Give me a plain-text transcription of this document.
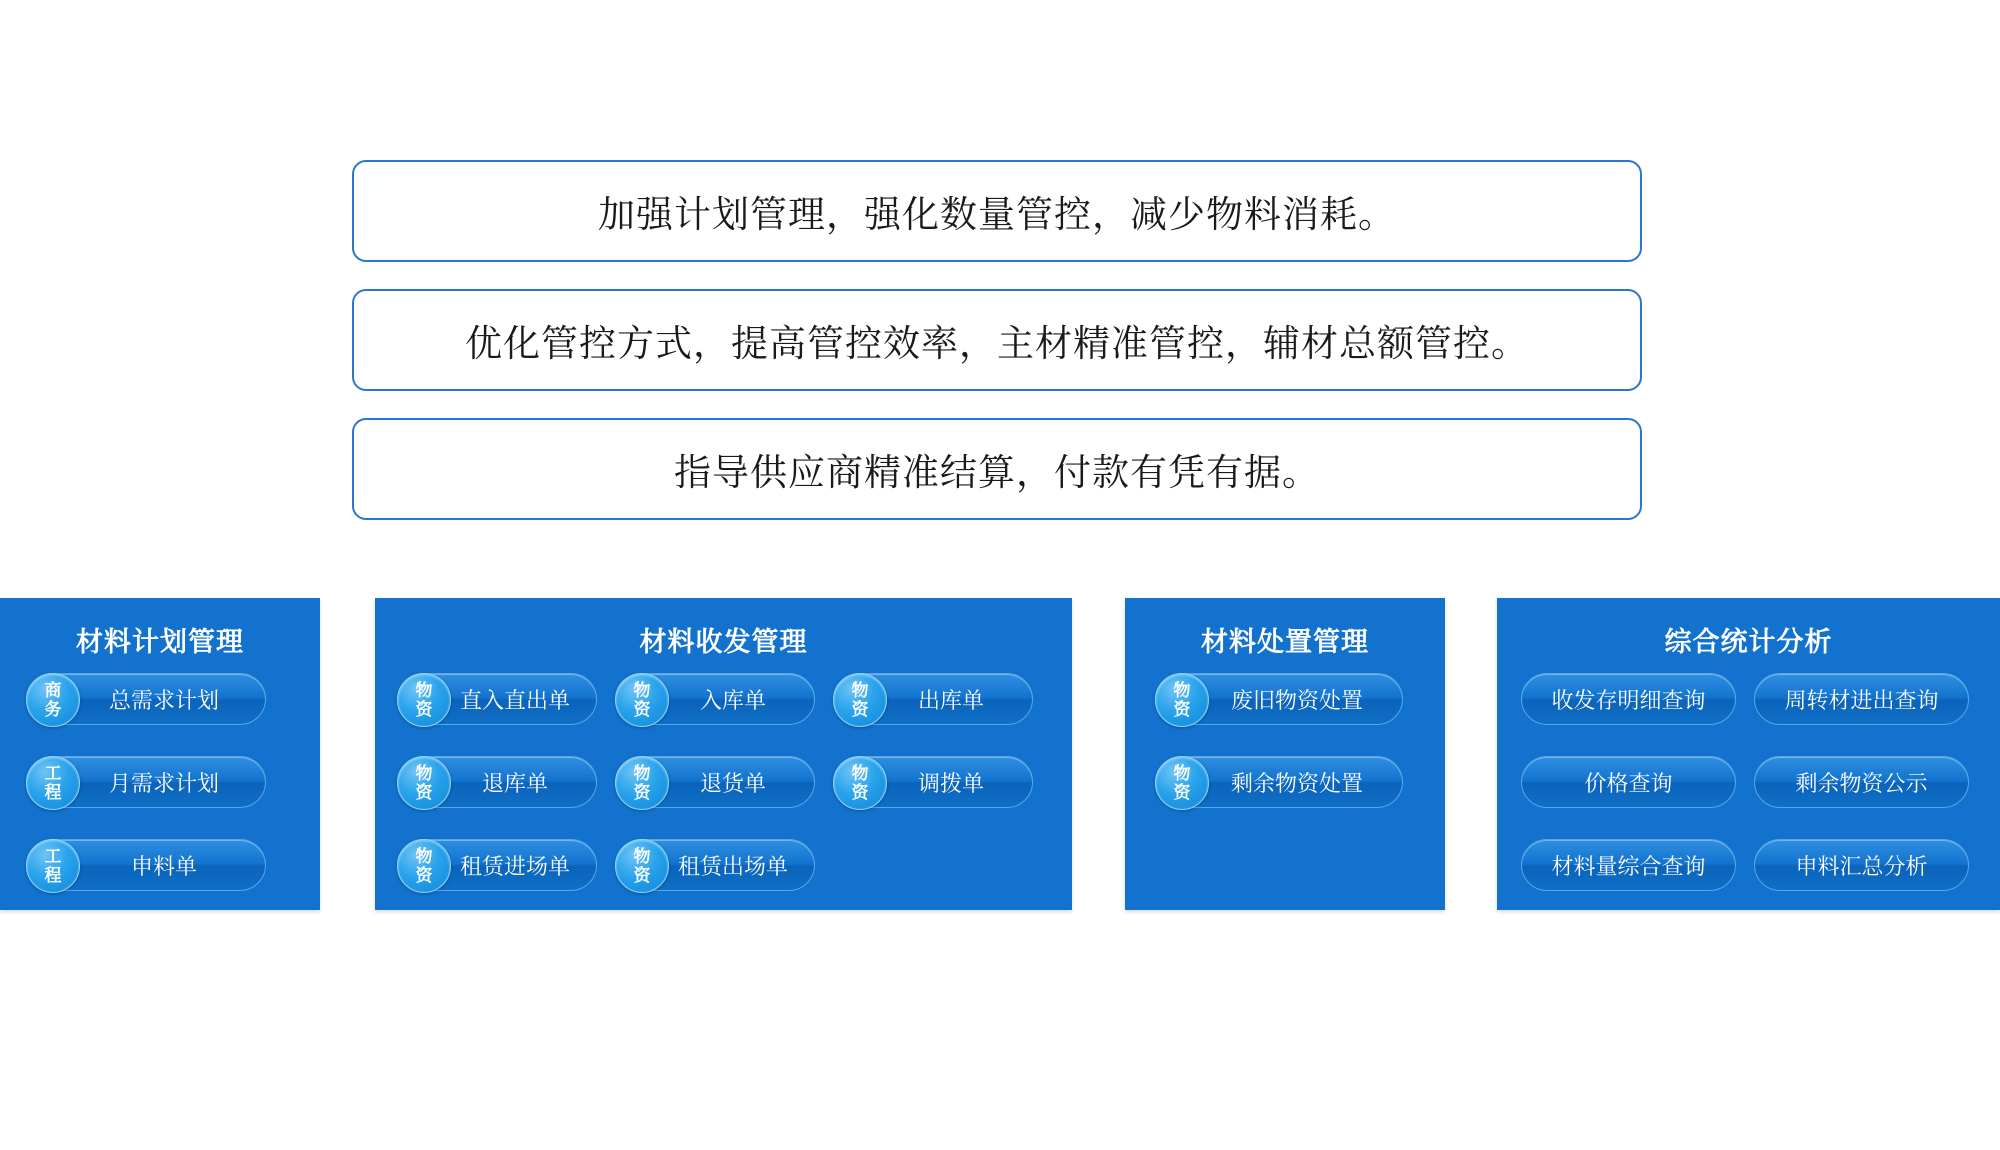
加强计划管理，强化数量管控，减少物料消耗。
优化管控方式，提高管控效率，主材精准管控，辅材总额管控。
指导供应商精准结算，付款有凭有据。
材料计划管理
商
务	总需求计划
工
程	月需求计划
工
程	申料单
材料收发管理
物
资	直入直出单	物
资	入库单	物
资	出库单
物
资	退库单	物
资	退货单	物
资	调拨单
物
资	租赁进场单	物
资	租赁出场单
材料处置管理
物
资	废旧物资处置
物
资	剩余物资处置
综合统计分析
收发存明细查询	周转材进出查询
价格查询	剩余物资公示
材料量综合查询	申料汇总分析
